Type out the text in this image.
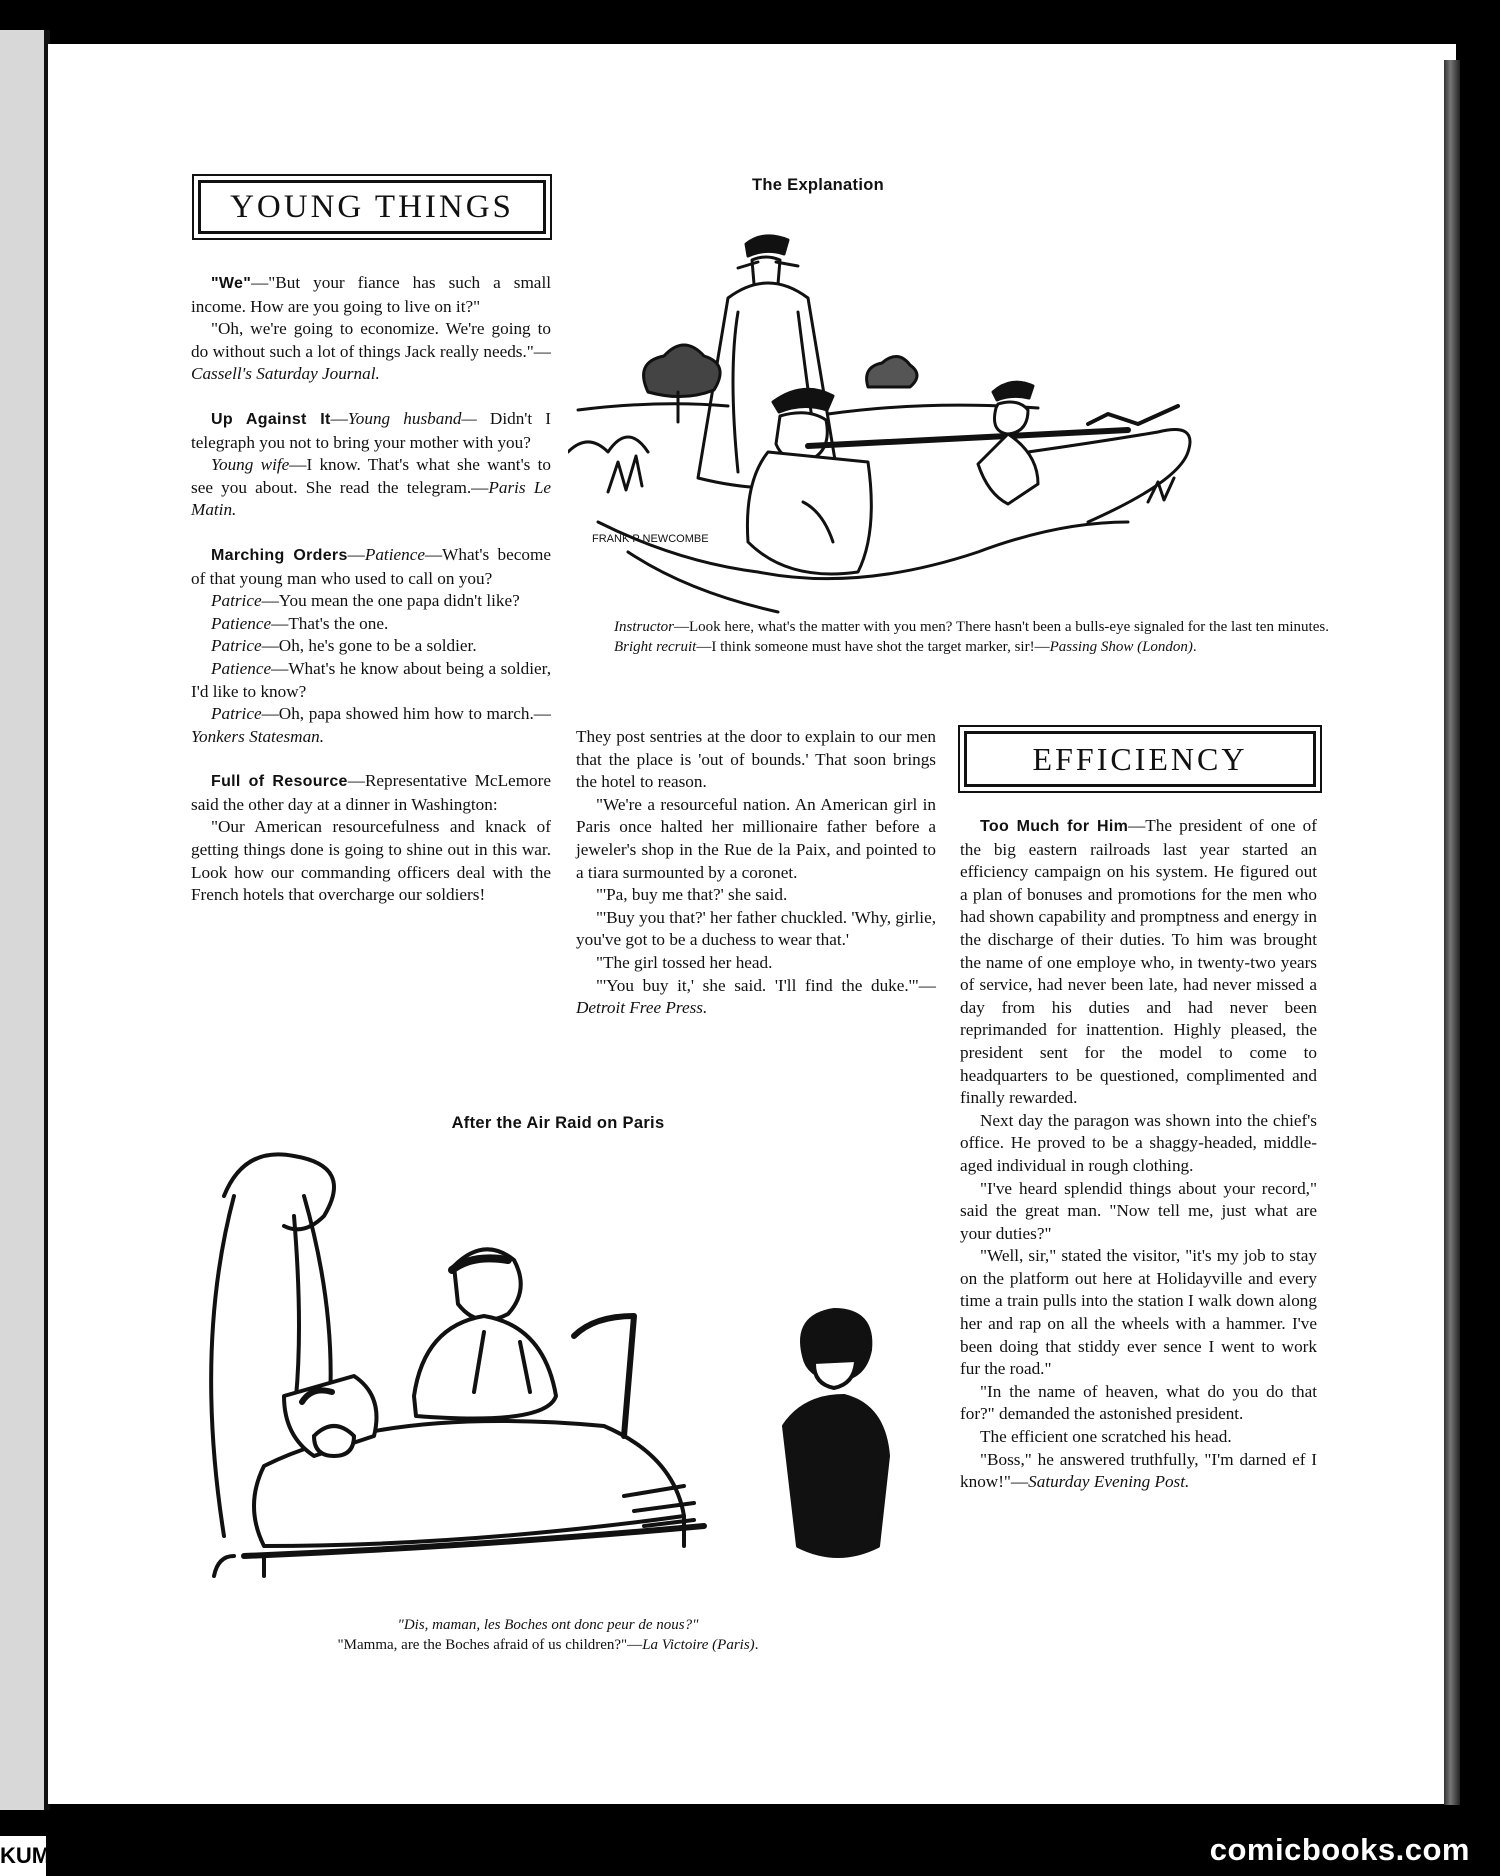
YOUNG THINGS

"We"—"But your fiance has such a small income. How are you going to live on it?"

"Oh, we're going to economize. We're going to do without such a lot of things Jack really needs."—Cassell's Saturday Journal.

Up Against It—Young husband— Didn't I telegraph you not to bring your mother with you?

Young wife—I know. That's what she want's to see you about. She read the telegram.—Paris Le Matin.

Marching Orders—Patience—What's become of that young man who used to call on you?

Patrice—You mean the one papa didn't like?

Patience—That's the one.

Patrice—Oh, he's gone to be a soldier.

Patience—What's he know about being a soldier, I'd like to know?

Patrice—Oh, papa showed him how to march.—Yonkers Statesman.

Full of Resource—Representative McLemore said the other day at a dinner in Washington:

"Our American resourcefulness and knack of getting things done is going to shine out in this war. Look how our commanding officers deal with the French hotels that overcharge our soldiers!

The Explanation
FRANK P NEWCOMBE

Instructor—Look here, what's the matter with you men? There hasn't been a bulls-eye signaled for the last ten minutes.

Bright recruit—I think someone must have shot the target marker, sir!—Passing Show (London).

They post sentries at the door to explain to our men that the place is 'out of bounds.' That soon brings the hotel to reason.

"We're a resourceful nation. An American girl in Paris once halted her millionaire father before a jeweler's shop in the Rue de la Paix, and pointed to a tiara surmounted by a coronet.

"'Pa, buy me that?' she said.

"'Buy you that?' her father chuckled. 'Why, girlie, you've got to be a duchess to wear that.'

"The girl tossed her head.

"'You buy it,' she said. 'I'll find the duke.'"—Detroit Free Press.

EFFICIENCY

Too Much for Him—The president of one of the big eastern railroads last year started an efficiency campaign on his system. He figured out a plan of bonuses and promotions for the men who had shown capability and promptness and energy in the discharge of their duties. To him was brought the name of one employe who, in twenty-two years of service, had never been late, had never missed a day from his duties and had never been reprimanded for inattention. Highly pleased, the president sent for the model to come to headquarters to be questioned, complimented and finally rewarded.

Next day the paragon was shown into the chief's office. He proved to be a shaggy-headed, middle-aged individual in rough clothing.

"I've heard splendid things about your record," said the great man. "Now tell me, just what are your duties?"

"Well, sir," stated the visitor, "it's my job to stay on the platform out here at Holidayville and every time a train pulls into the station I walk down along her and rap on all the wheels with a hammer. I've been doing that stiddy ever sence I went to work fur the road."

"In the name of heaven, what do you do that for?" demanded the astonished president.

The efficient one scratched his head.

"Boss," he answered truthfully, "I'm darned ef I know!"—Saturday Evening Post.

After the Air Raid on Paris

"Dis, maman, les Boches ont donc peur de nous?"

"Mamma, are the Boches afraid of us children?"—La Victoire (Paris).

KUM	comicbooks.com
